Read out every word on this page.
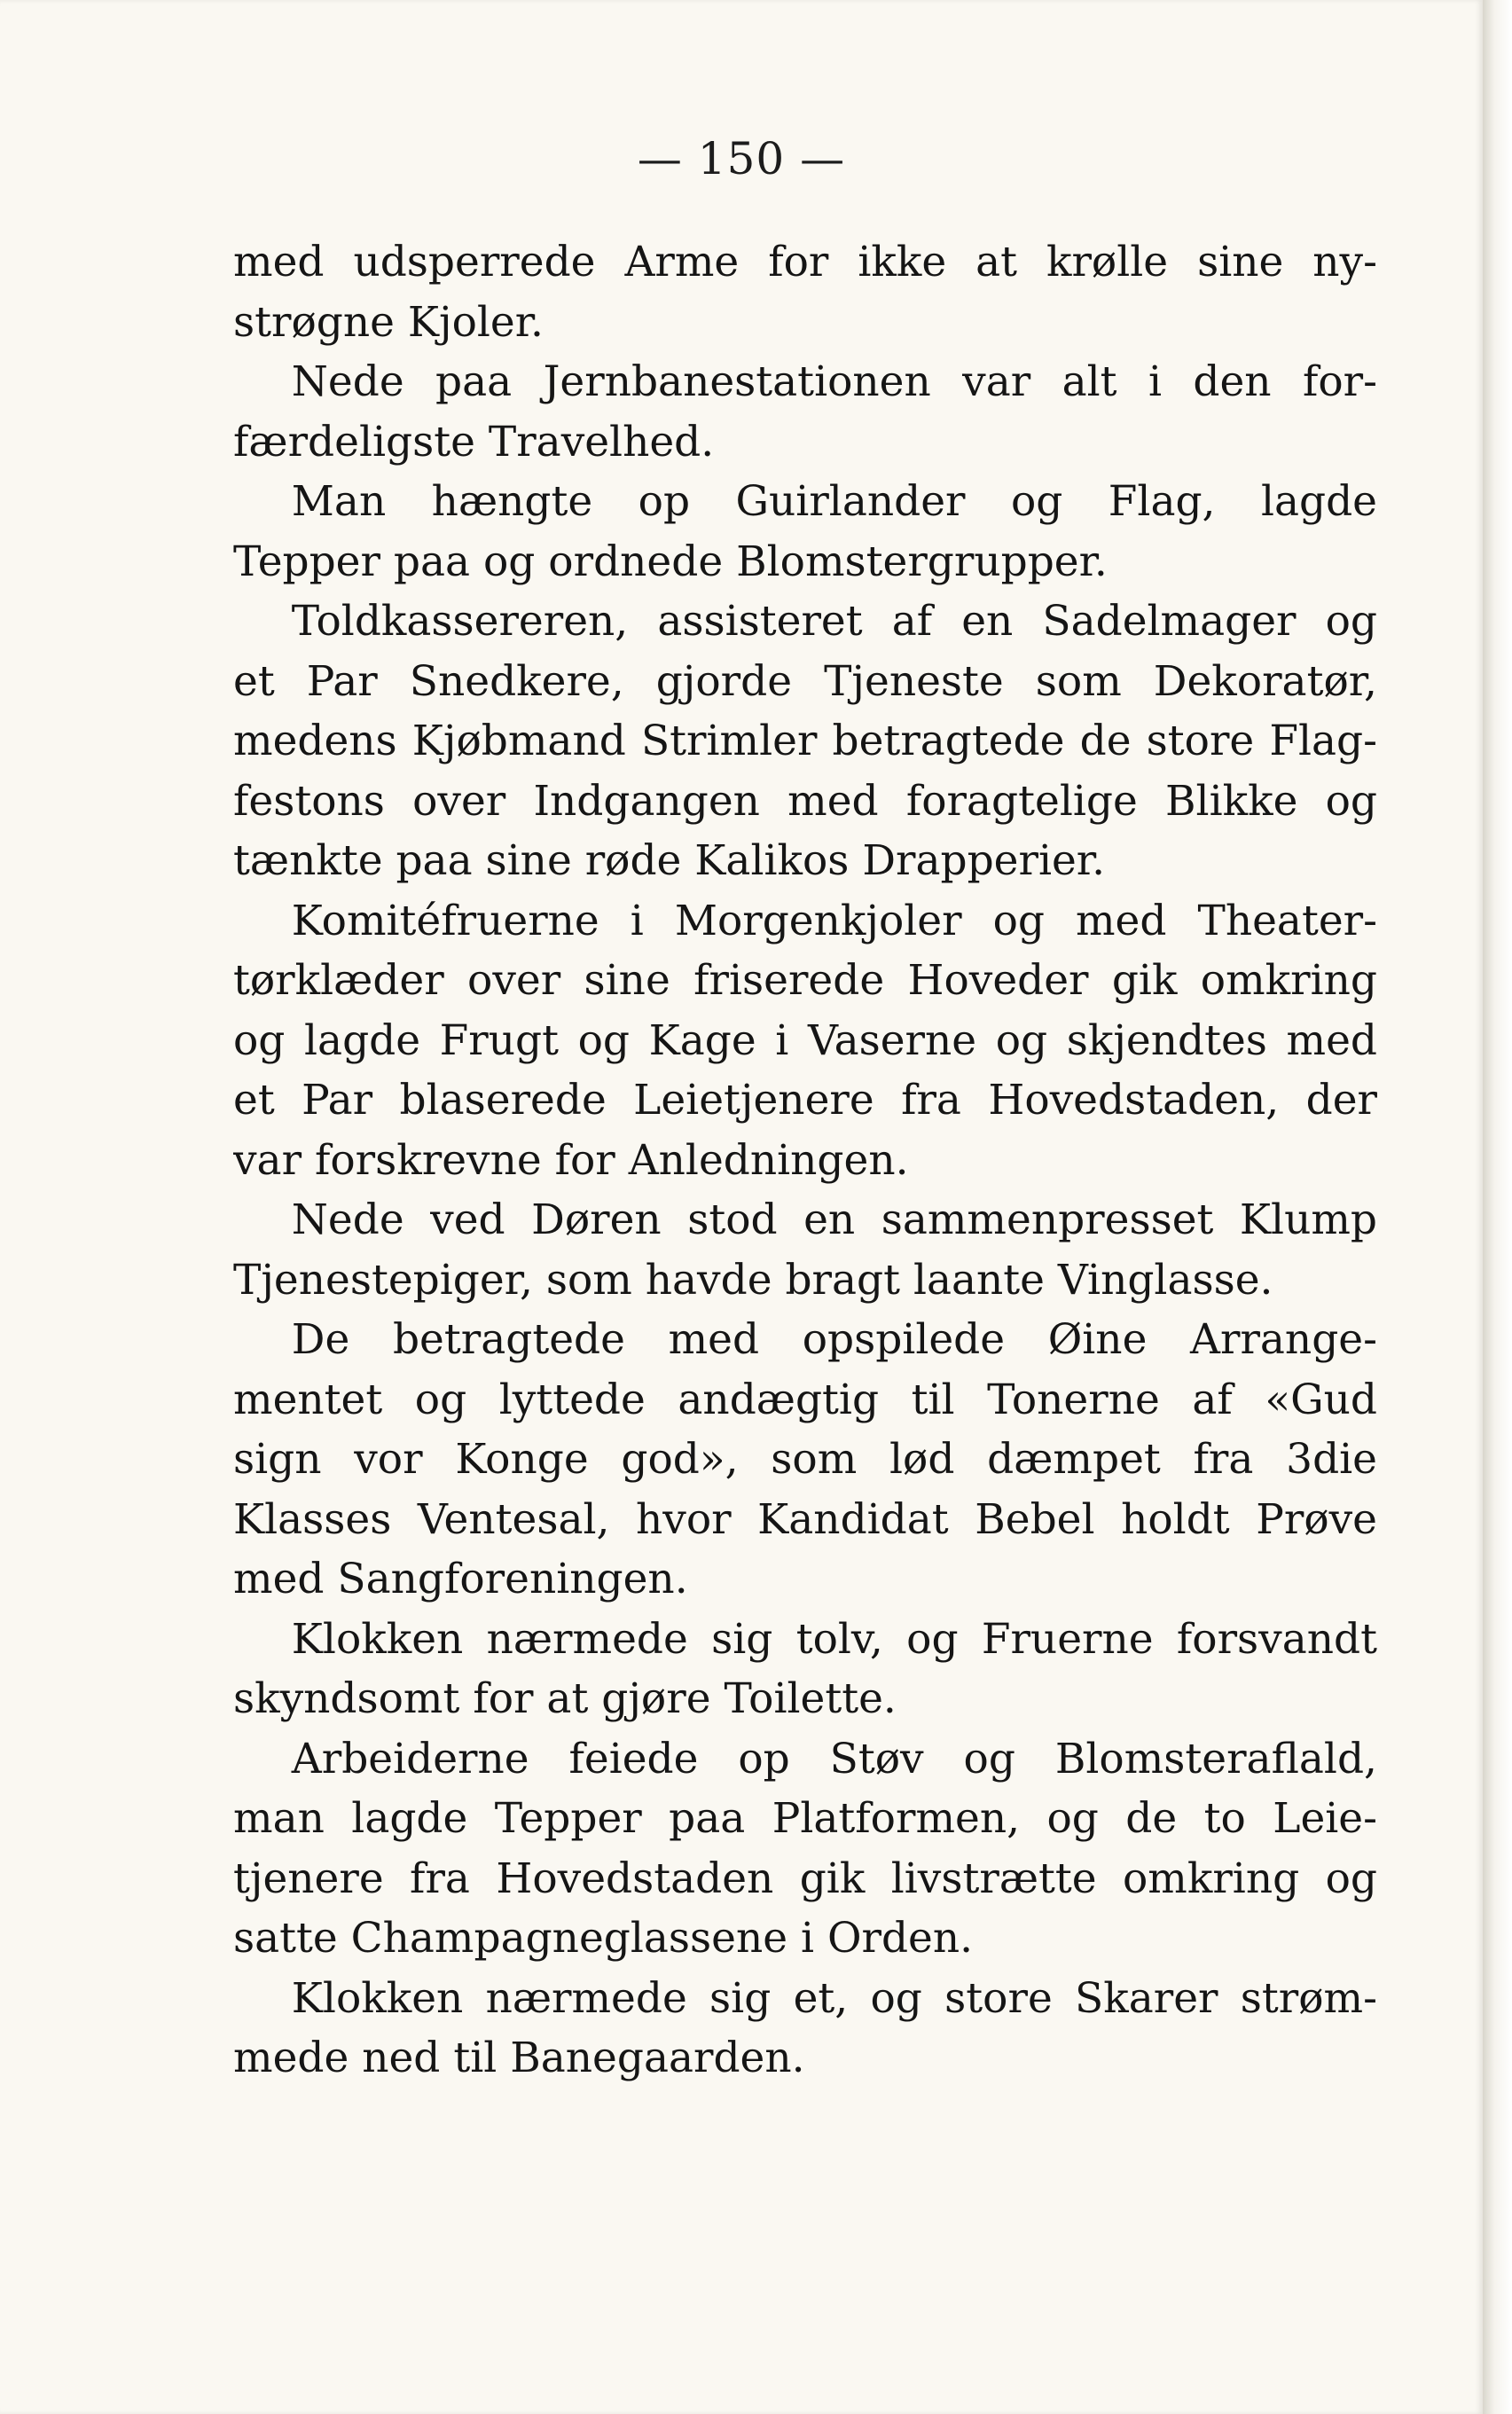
— 150 —
med udsperrede Arme for ikke at krølle sine ny-
strøgne Kjoler.
Nede paa Jernbanestationen var alt i den for-
færdeligste Travelhed.
Man hængte op Guirlander og Flag, lagde
Tepper paa og ordnede Blomstergrupper.
Toldkassereren, assisteret af en Sadelmager og
et Par Snedkere, gjorde Tjeneste som Dekoratør,
medens Kjøbmand Strimler betragtede de store Flag-
festons over Indgangen med foragtelige Blikke og
tænkte paa sine røde Kalikos Drapperier.
Komitéfruerne i Morgenkjoler og med Theater-
tørklæder over sine friserede Hoveder gik omkring
og lagde Frugt og Kage i Vaserne og skjendtes med
et Par blaserede Leietjenere fra Hovedstaden, der
var forskrevne for Anledningen.
Nede ved Døren stod en sammenpresset Klump
Tjenestepiger, som havde bragt laante Vinglasse.
De betragtede med opspilede Øine Arrange-
mentet og lyttede andægtig til Tonerne af «Gud
sign vor Konge god», som lød dæmpet fra 3die
Klasses Ventesal, hvor Kandidat Bebel holdt Prøve
med Sangforeningen.
Klokken nærmede sig tolv, og Fruerne forsvandt
skyndsomt for at gjøre Toilette.
Arbeiderne feiede op Støv og Blomsteraflald,
man lagde Tepper paa Platformen, og de to Leie-
tjenere fra Hovedstaden gik livstrætte omkring og
satte Champagneglassene i Orden.
Klokken nærmede sig et, og store Skarer strøm-
mede ned til Banegaarden.
